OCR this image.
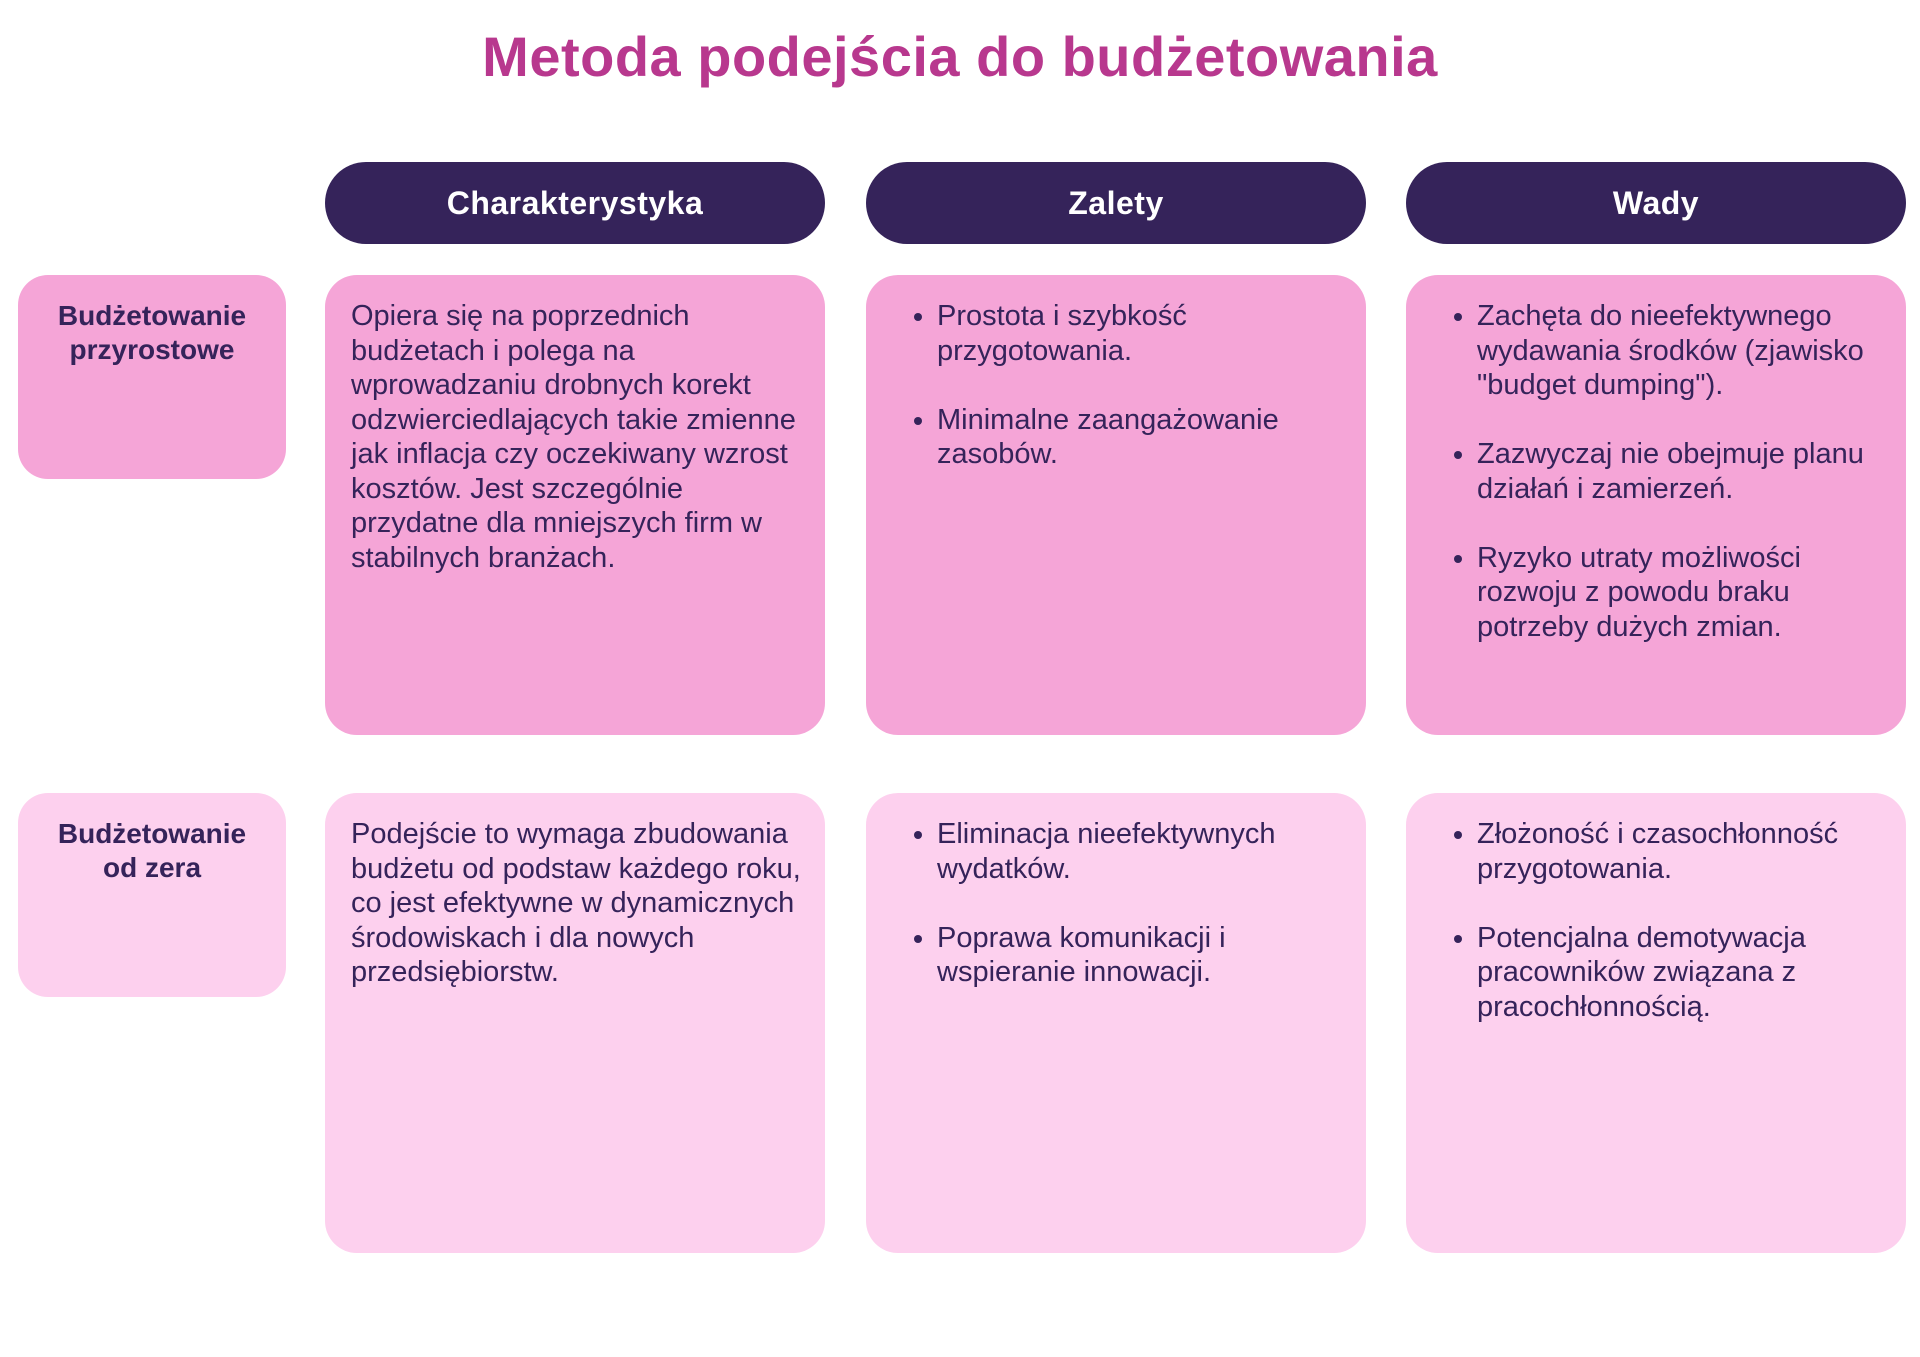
Metoda podejścia do budżetowania
Charakterystyka	Zalety	Wady
Budżetowanie
przyrostowe

Opiera się na poprzednich budżetach i polega na wprowadzaniu drobnych korekt odzwierciedlających takie zmienne jak inflacja czy oczekiwany wzrost kosztów. Jest szczególnie przydatne dla mniejszych firm w stabilnych branżach.

• Prostota i szybkość przygotowania.
• Minimalne zaangażowanie zasobów.
• Zachęta do nieefektywnego wydawania środków (zjawisko "budget dumping").
• Zazwyczaj nie obejmuje planu działań i zamierzeń.
• Ryzyko utraty możliwości rozwoju z powodu braku potrzeby dużych zmian.
Budżetowanie
od zera

Podejście to wymaga zbudowania budżetu od podstaw każdego roku, co jest efektywne w dynamicznych środowiskach i dla nowych przedsiębiorstw.

• Eliminacja nieefektywnych wydatków.
• Poprawa komunikacji i wspieranie innowacji.
• Złożoność i czasochłonność przygotowania.
• Potencjalna demotywacja pracowników związana z pracochłonnością.
